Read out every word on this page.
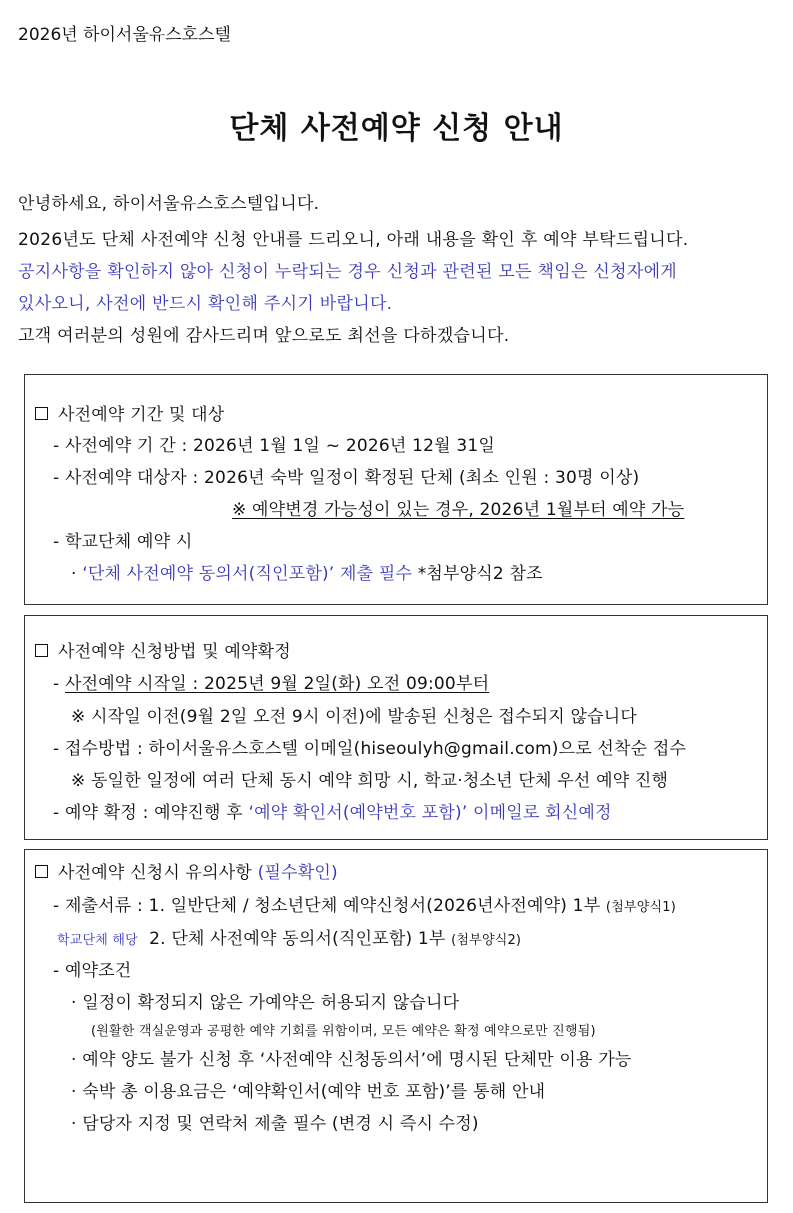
2026년 하이서울유스호스텔
단체 사전예약 신청 안내
안녕하세요, 하이서울유스호스텔입니다.
2026년도 단체 사전예약 신청 안내를 드리오니, 아래 내용을 확인 후 예약 부탁드립니다.
공지사항을 확인하지 않아 신청이 누락되는 경우 신청과 관련된 모든 책임은 신청자에게
있사오니, 사전에 반드시 확인해 주시기 바랍니다.
고객 여러분의 성원에 감사드리며 앞으로도 최선을 다하겠습니다.
사전예약 기간 및 대상
- 사전예약 기 간 : 2026년 1월 1일 ~ 2026년 12월 31일
- 사전예약 대상자 : 2026년 숙박 일정이 확정된 단체 (최소 인원 : 30명 이상)
※ 예약변경 가능성이 있는 경우, 2026년 1월부터 예약 가능
- 학교단체 예약 시
· ‘단체 사전예약 동의서(직인포함)’ 제출 필수 *첨부양식2 참조
사전예약 신청방법 및 예약확정
- 사전예약 시작일 : 2025년 9월 2일(화) 오전 09:00부터
※ 시작일 이전(9월 2일 오전 9시 이전)에 발송된 신청은 접수되지 않습니다
- 접수방법 : 하이서울유스호스텔 이메일(hiseoulyh@gmail.com)으로 선착순 접수
※ 동일한 일정에 여러 단체 동시 예약 희망 시, 학교·청소년 단체 우선 예약 진행
- 예약 확정 : 예약진행 후 ‘예약 확인서(예약번호 포함)’ 이메일로 회신예정
사전예약 신청시 유의사항 (필수확인)
- 제출서류 : 1. 일반단체 / 청소년단체 예약신청서(2026년사전예약) 1부 (첨부양식1)
학교단체 해당 2. 단체 사전예약 동의서(직인포함) 1부 (첨부양식2)
- 예약조건
· 일정이 확정되지 않은 가예약은 허용되지 않습니다
(원활한 객실운영과 공평한 예약 기회를 위함이며, 모든 예약은 확정 예약으로만 진행됨)
· 예약 양도 불가 신청 후 ‘사전예약 신청동의서’에 명시된 단체만 이용 가능
· 숙박 총 이용요금은 ‘예약확인서(예약 번호 포함)’를 통해 안내
· 담당자 지정 및 연락처 제출 필수 (변경 시 즉시 수정)
